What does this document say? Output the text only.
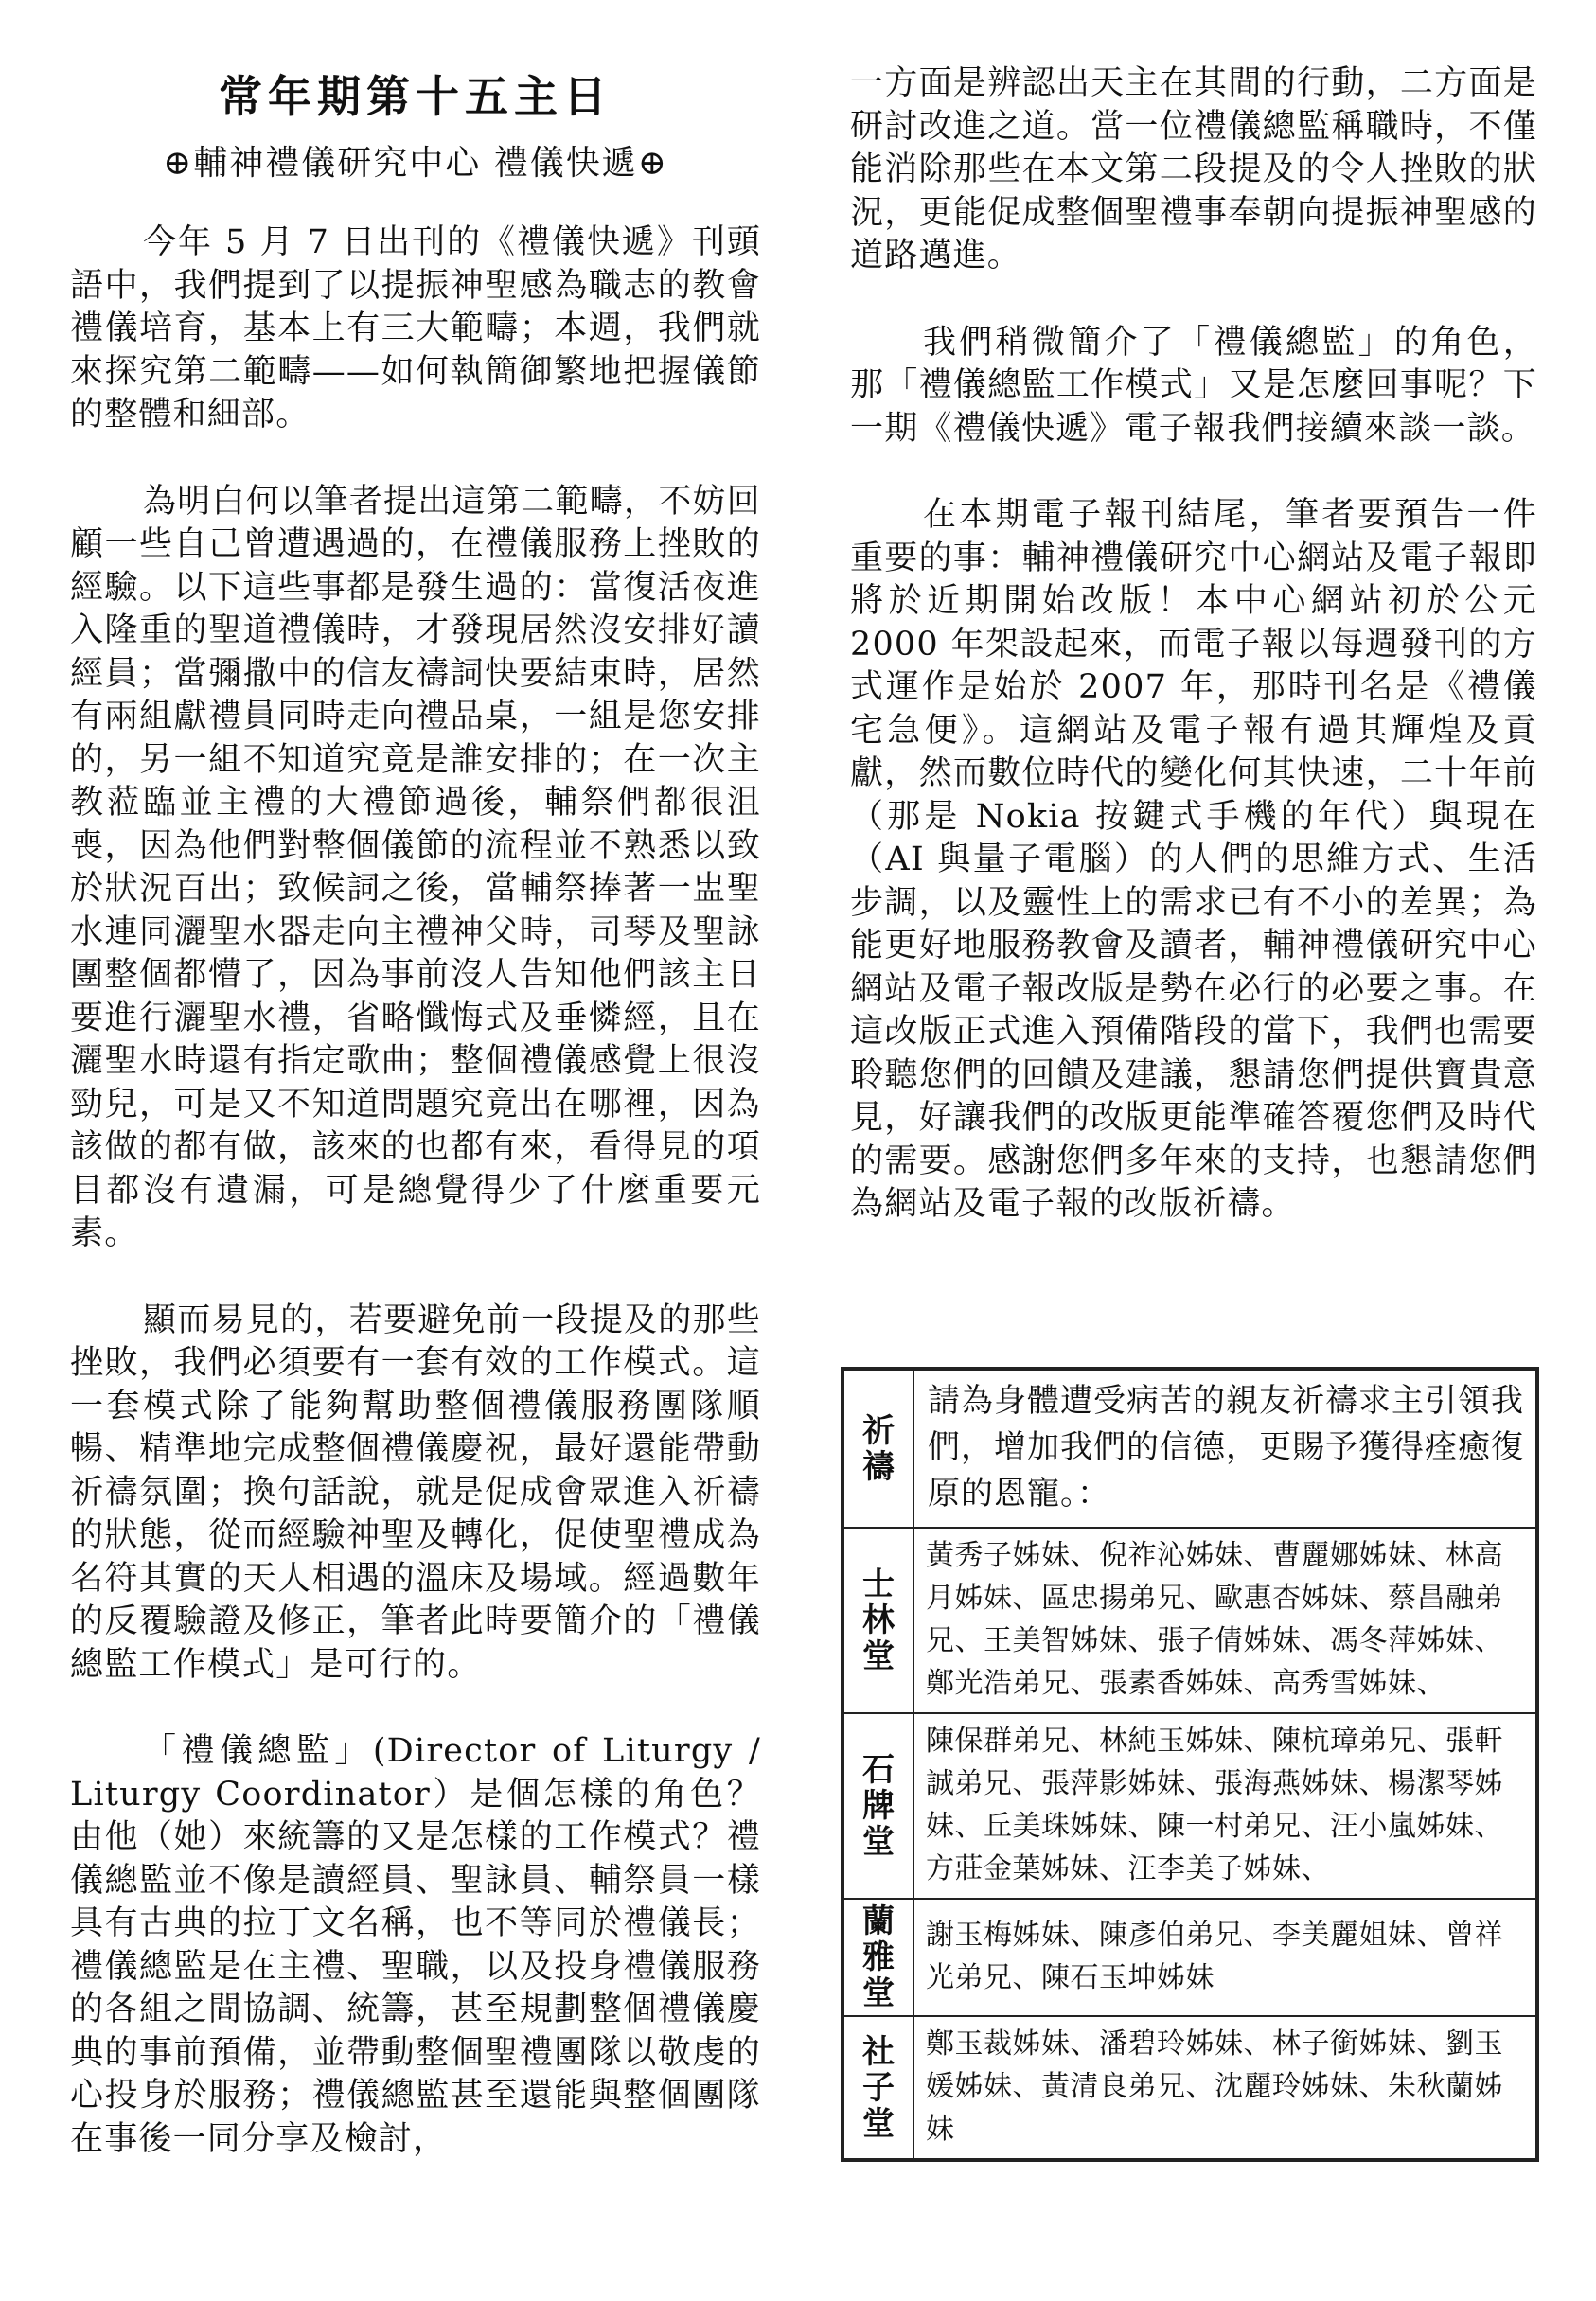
常年期第十五主日
⊕輔神禮儀研究中心 禮儀快遞⊕

今年 5 月 7 日出刊的《禮儀快遞》刊頭語中，我們提到了以提振神聖感為職志的教會禮儀培育，基本上有三大範疇；本週，我們就來探究第二範疇——如何執簡御繁地把握儀節的整體和細部。

為明白何以筆者提出這第二範疇，不妨回顧一些自己曾遭遇過的，在禮儀服務上挫敗的經驗。以下這些事都是發生過的：當復活夜進入隆重的聖道禮儀時，才發現居然沒安排好讀經員；當彌撒中的信友禱詞快要結束時，居然有兩組獻禮員同時走向禮品桌，一組是您安排的，另一組不知道究竟是誰安排的；在一次主教蒞臨並主禮的大禮節過後，輔祭們都很沮喪，因為他們對整個儀節的流程並不熟悉以致於狀況百出；致候詞之後，當輔祭捧著一盅聖水連同灑聖水器走向主禮神父時，司琴及聖詠團整個都懵了，因為事前沒人告知他們該主日要進行灑聖水禮，省略懺悔式及垂憐經，且在灑聖水時還有指定歌曲；整個禮儀感覺上很沒勁兒，可是又不知道問題究竟出在哪裡，因為該做的都有做，該來的也都有來，看得見的項目都沒有遺漏，可是總覺得少了什麼重要元素。

顯而易見的，若要避免前一段提及的那些挫敗，我們必須要有一套有效的工作模式。這一套模式除了能夠幫助整個禮儀服務團隊順暢、精準地完成整個禮儀慶祝，最好還能帶動祈禱氛圍；換句話說，就是促成會眾進入祈禱的狀態，從而經驗神聖及轉化，促使聖禮成為名符其實的天人相遇的溫床及場域。經過數年的反覆驗證及修正，筆者此時要簡介的「禮儀總監工作模式」是可行的。

「禮儀總監」(Director of Liturgy / Liturgy Coordinator）是個怎樣的角色？由他（她）來統籌的又是怎樣的工作模式？禮儀總監並不像是讀經員、聖詠員、輔祭員一樣具有古典的拉丁文名稱，也不等同於禮儀長；禮儀總監是在主禮、聖職，以及投身禮儀服務的各組之間協調、統籌，甚至規劃整個禮儀慶典的事前預備，並帶動整個聖禮團隊以敬虔的心投身於服務；禮儀總監甚至還能與整個團隊在事後一同分享及檢討，

一方面是辨認出天主在其間的行動，二方面是研討改進之道。當一位禮儀總監稱職時，不僅能消除那些在本文第二段提及的令人挫敗的狀況，更能促成整個聖禮事奉朝向提振神聖感的道路邁進。

我們稍微簡介了「禮儀總監」的角色，那「禮儀總監工作模式」又是怎麼回事呢？下一期《禮儀快遞》電子報我們接續來談一談。

在本期電子報刊結尾，筆者要預告一件重要的事：輔神禮儀研究中心網站及電子報即將於近期開始改版！本中心網站初於公元 2000 年架設起來，而電子報以每週發刊的方式運作是始於 2007 年，那時刊名是《禮儀宅急便》。這網站及電子報有過其輝煌及貢獻，然而數位時代的變化何其快速，二十年前（那是 Nokia 按鍵式手機的年代）與現在（AI 與量子電腦）的人們的思維方式、生活步調，以及靈性上的需求已有不小的差異；為能更好地服務教會及讀者，輔神禮儀研究中心網站及電子報改版是勢在必行的必要之事。在這改版正式進入預備階段的當下，我們也需要聆聽您們的回饋及建議，懇請您們提供寶貴意見，好讓我們的改版更能準確答覆您們及時代的需要。感謝您們多年來的支持，也懇請您們為網站及電子報的改版祈禱。

祈
禱	請為身體遭受病苦的親友祈禱求主引領我們，增加我們的信德，更賜予獲得痊癒復原的恩寵。：

士
林
堂	黃秀子姊妹、倪祚沁姊妹、曹麗娜姊妹、林高月姊妹、區忠揚弟兄、歐惠杏姊妹、蔡昌融弟兄、王美智姊妹、張子倩姊妹、馮冬萍姊妹、鄭光浩弟兄、張素香姊妹、高秀雪姊妹、

石
牌
堂	陳保群弟兄、林純玉姊妹、陳杭璋弟兄、張軒誠弟兄、張萍影姊妹、張海燕姊妹、楊潔琴姊妹、丘美珠姊妹、陳一村弟兄、汪小嵐姊妹、方莊金葉姊妹、汪李美子姊妹、

蘭
雅
堂	謝玉梅姊妹、陳彥伯弟兄、李美麗姐妹、曾祥光弟兄、陳石玉坤姊妹

社
子
堂	鄭玉裁姊妹、潘碧玲姊妹、林子銜姊妹、劉玉媛姊妹、黃清良弟兄、沈麗玲姊妹、朱秋蘭姊妹
